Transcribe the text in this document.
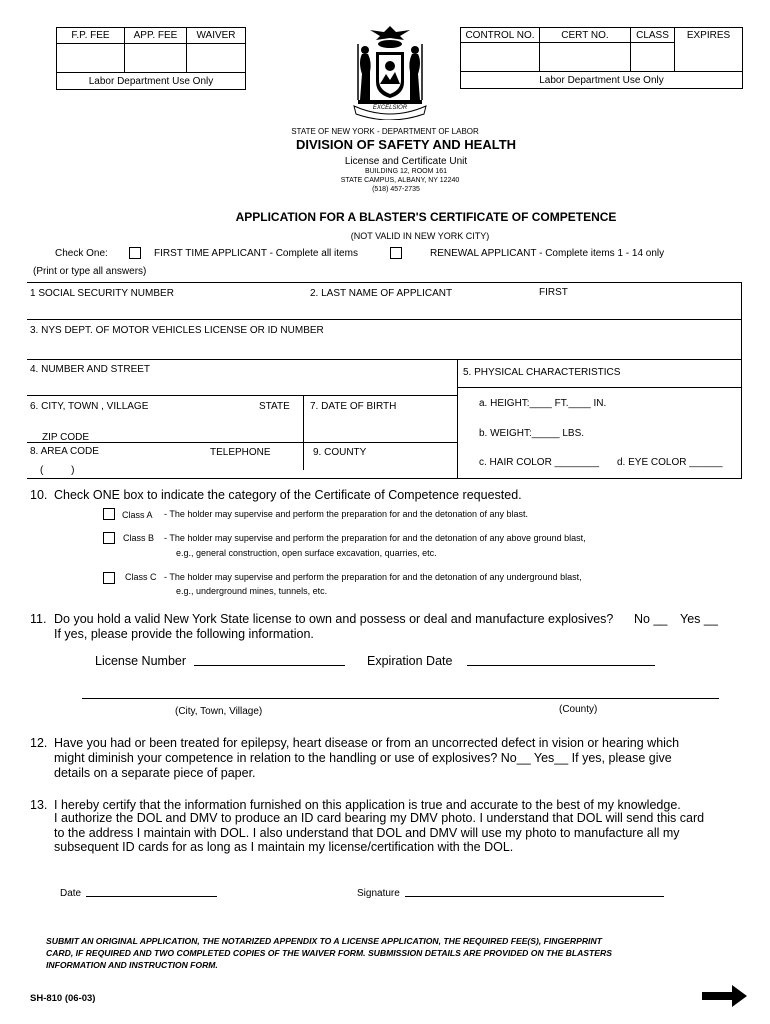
F.P. FEE	APP. FEE	WAIVER
Labor Department Use Only
CONTROL NO.	CERT NO.	CLASS	EXPIRES
Labor Department Use Only
EXCELSIOR
STATE OF NEW YORK - DEPARTMENT OF LABOR
DIVISION OF SAFETY AND HEALTH
License and Certificate Unit
BUILDING 12, ROOM 161
STATE CAMPUS, ALBANY, NY 12240
(518) 457-2735
APPLICATION FOR A BLASTER'S CERTIFICATE OF COMPETENCE
(NOT VALID IN NEW YORK CITY)
Check One:	FIRST TIME APPLICANT - Complete all items	RENEWAL APPLICANT - Complete items 1 - 14 only
(Print or type all answers)
1 SOCIAL SECURITY NUMBER	2. LAST NAME OF APPLICANT	FIRST
3. NYS DEPT. OF MOTOR VEHICLES LICENSE OR ID NUMBER
4. NUMBER AND STREET	5. PHYSICAL CHARACTERISTICS
6. CITY, TOWN , VILLAGE	STATE 7. DATE OF BIRTH	a. HEIGHT:____ FT.____ IN.
b. WEIGHT:_____ LBS.
ZIP CODE
8. AREA CODE	TELEPHONE	9. COUNTY
c. HAIR COLOR ________ d. EYE COLOR ______
(          )
10. Check ONE box to indicate the category of the Certificate of Competence requested.
Class A - The holder may supervise and perform the preparation for and the detonation of any blast.
Class B - The holder may supervise and perform the preparation for and the detonation of any above ground blast,
e.g., general construction, open surface excavation, quarries, etc.
Class C - The holder may supervise and perform the preparation for and the detonation of any underground blast,
e.g., underground mines, tunnels, etc.
11. Do you hold a valid New York State license to own and possess or deal and manufacture explosives? No __ Yes __
If yes, please provide the following information.
License Number	Expiration Date
(City, Town, Village)	(County)
12. Have you had or been treated for epilepsy, heart disease or from an uncorrected defect in vision or hearing which
might diminish your competence in relation to the handling or use of explosives? No__ Yes__ If yes, please give
details on a separate piece of paper.
13. I hereby certify that the information furnished on this application is true and accurate to the best of my knowledge.
I authorize the DOL and DMV to produce an ID card bearing my DMV photo. I understand that DOL will send this card
to the address I maintain with DOL. I also understand that DOL and DMV will use my photo to manufacture all my
subsequent ID cards for as long as I maintain my license/certification with the DOL.
Date	Signature
SUBMIT AN ORIGINAL APPLICATION, THE NOTARIZED APPENDIX TO A LICENSE APPLICATION, THE REQUIRED FEE(S), FINGERPRINT
CARD, IF REQUIRED AND TWO COMPLETED COPIES OF THE WAIVER FORM. SUBMISSION DETAILS ARE PROVIDED ON THE BLASTERS
INFORMATION AND INSTRUCTION FORM.
SH-810 (06-03)
